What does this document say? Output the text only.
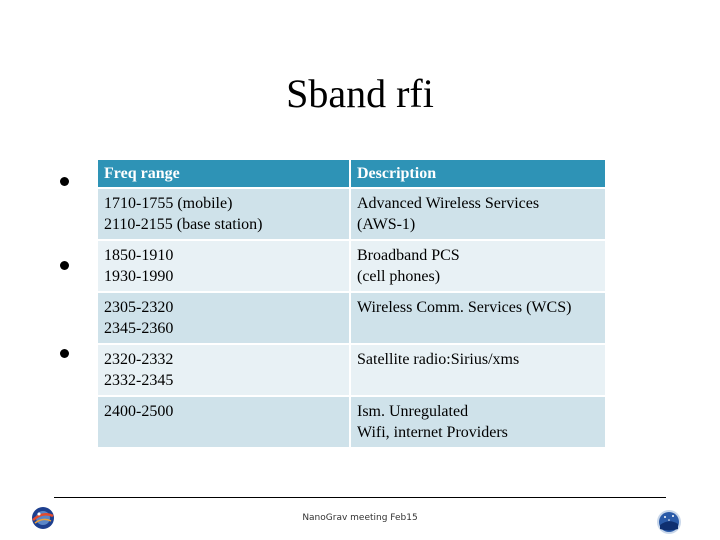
Sband rfi
Freq range	Description

1710-1755 (mobile)
2110-2155 (base station)	Advanced Wireless Services
(AWS-1)

1850-1910
1930-1990	Broadband PCS
(cell phones)

2305-2320
2345-2360	Wireless Comm. Services (WCS)

2320-2332
2332-2345	Satellite radio:Sirius/xms

2400-2500	Ism. Unregulated
Wifi, internet Providers
NanoGrav meeting Feb15
